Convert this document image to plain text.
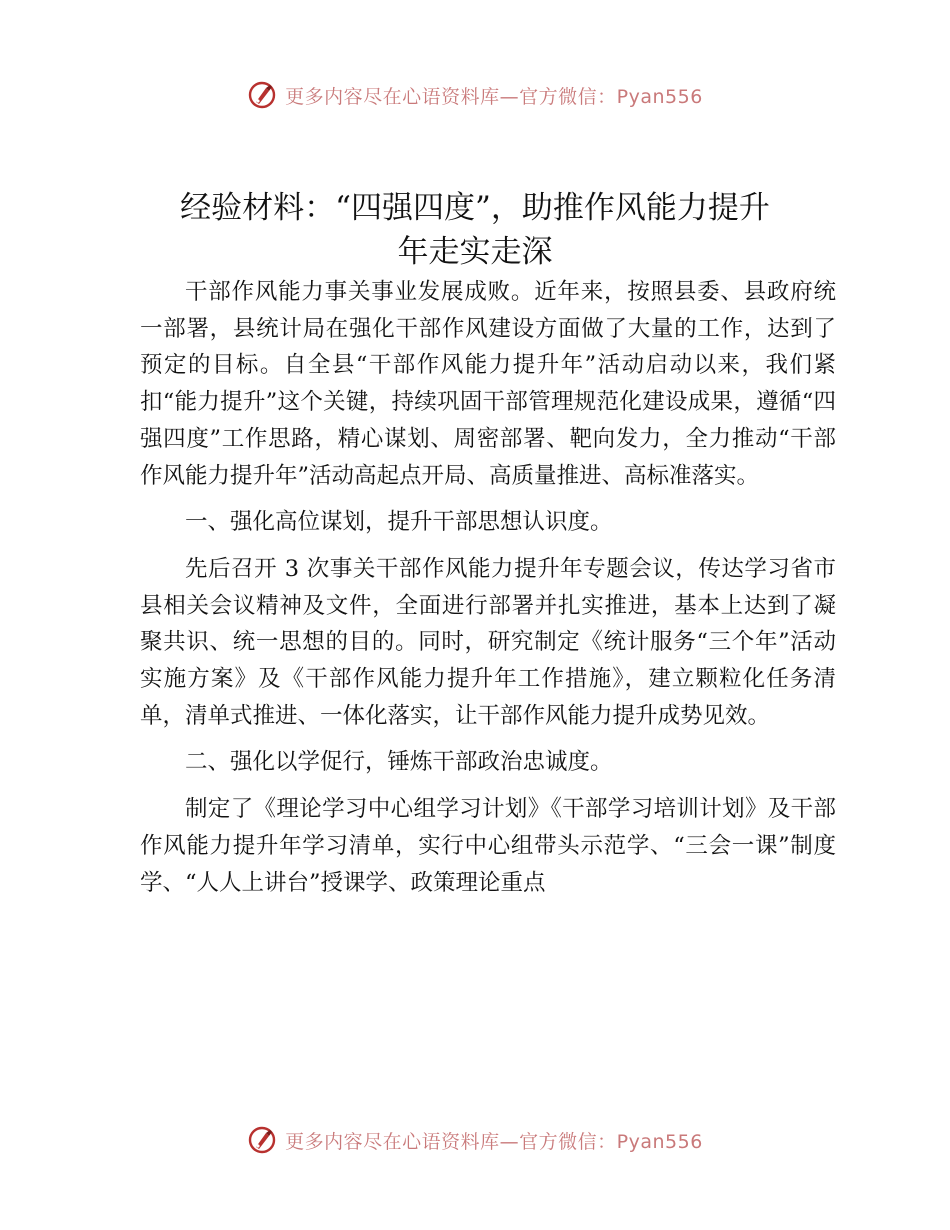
更多内容尽在心语资料库—官方微信：Pyan556
经验材料：“四强四度”，助推作风能力提升
年走实走深

干部作风能力事关事业发展成败。近年来，按照县委、县政府统一部署，县统计局在强化干部作风建设方面做了大量的工作，达到了预定的目标。自全县“干部作风能力提升年”活动启动以来，我们紧扣“能力提升”这个关键，持续巩固干部管理规范化建设成果，遵循“四强四度”工作思路，精心谋划、周密部署、靶向发力，全力推动“干部作风能力提升年”活动高起点开局、高质量推进、高标准落实。

一、强化高位谋划，提升干部思想认识度。

先后召开 3 次事关干部作风能力提升年专题会议，传达学习省市县相关会议精神及文件，全面进行部署并扎实推进，基本上达到了凝聚共识、统一思想的目的。同时，研究制定《统计服务“三个年”活动实施方案》及《干部作风能力提升年工作措施》，建立颗粒化任务清单，清单式推进、一体化落实，让干部作风能力提升成势见效。

二、强化以学促行，锤炼干部政治忠诚度。

制定了《理论学习中心组学习计划》《干部学习培训计划》及干部作风能力提升年学习清单，实行中心组带头示范学、“三会一课”制度学、“人人上讲台”授课学、政策理论重点

更多内容尽在心语资料库—官方微信：Pyan556
